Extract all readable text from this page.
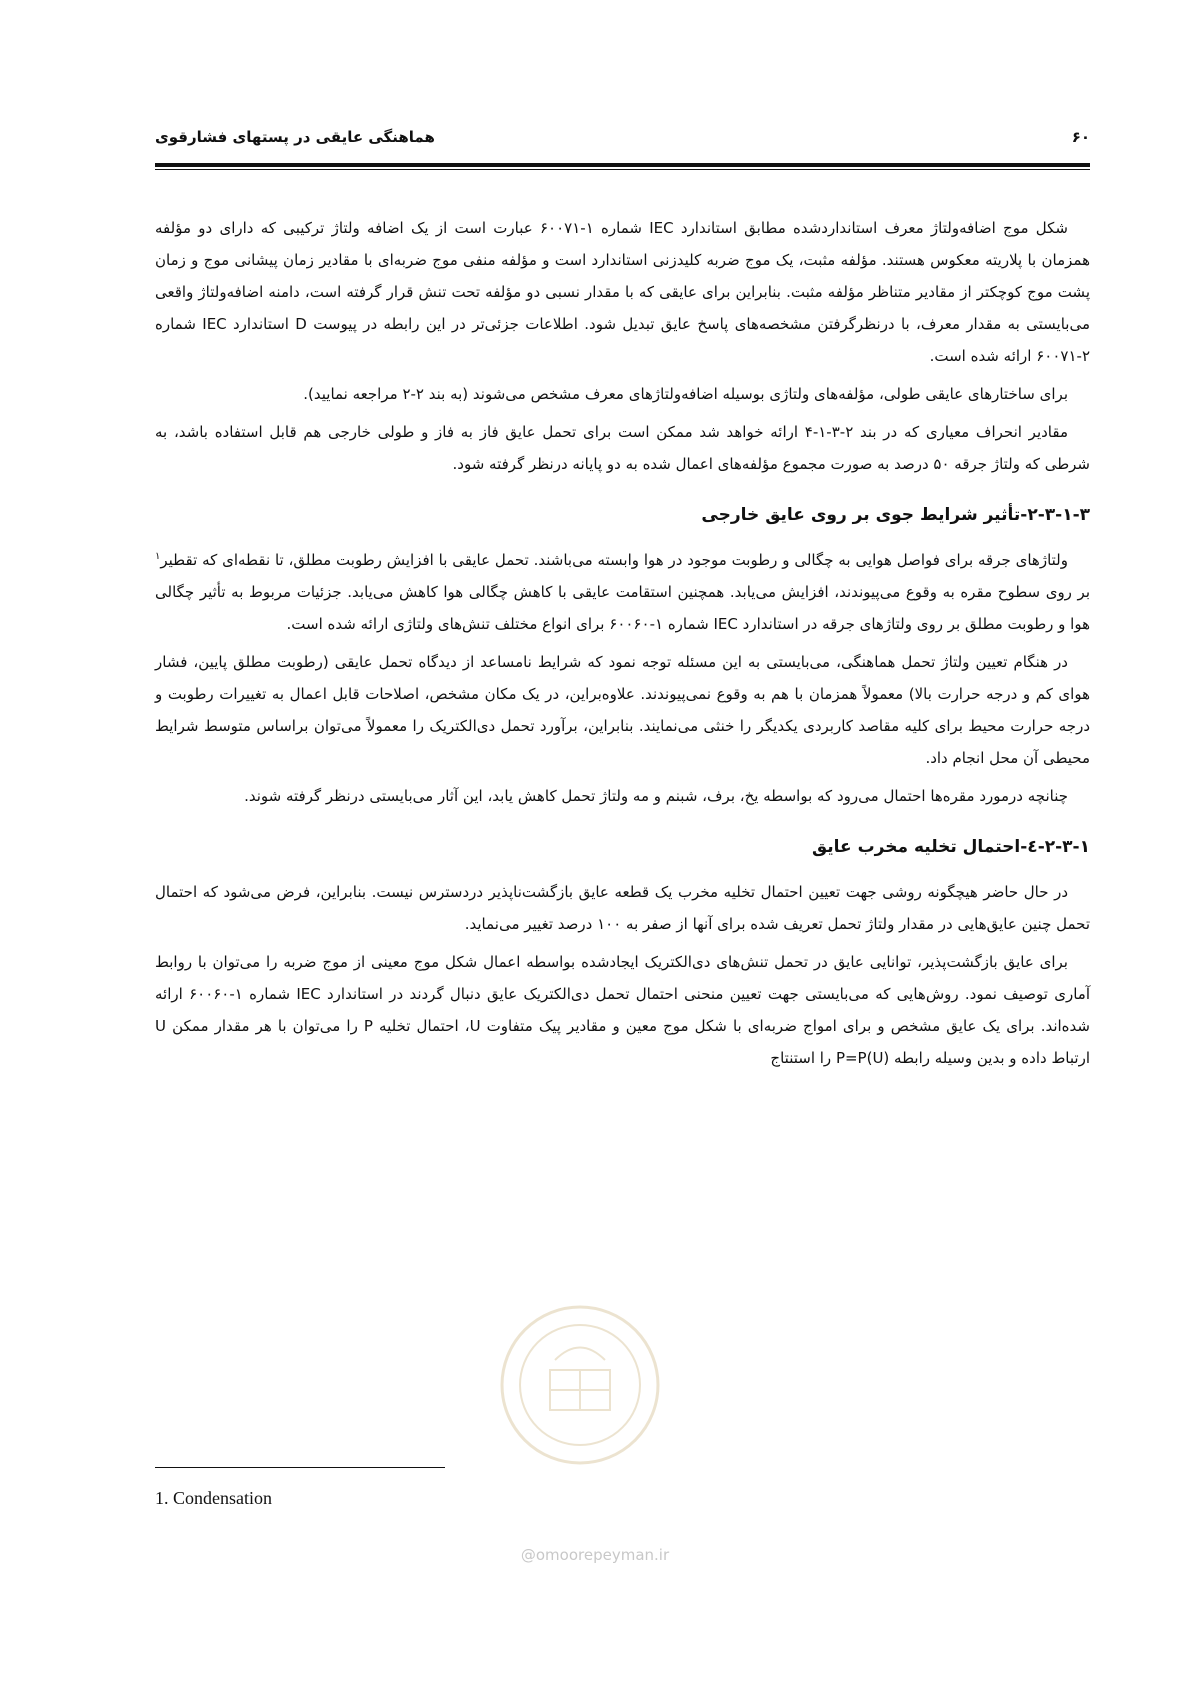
۶۰
هماهنگی عایقی در پستهای فشارقوی

شکل موج اضافه‌ولتاژ معرف استانداردشده مطابق استاندارد IEC شماره ۱-۶۰۰۷۱ عبارت است از یک اضافه ولتاژ ترکیبی که دارای دو مؤلفه همزمان با پلاریته معکوس هستند. مؤلفه مثبت، یک موج ضربه کلیدزنی استاندارد است و مؤلفه منفی موج ضربه‌ای با مقادیر زمان پیشانی موج و زمان پشت موج کوچکتر از مقادیر متناظر مؤلفه مثبت. بنابراین برای عایقی که با مقدار نسبی دو مؤلفه تحت تنش قرار گرفته است، دامنه اضافه‌ولتاژ واقعی می‌بایستی به مقدار معرف، با درنظرگرفتن مشخصه‌های پاسخ عایق تبدیل شود. اطلاعات جزئی‌تر در این رابطه در پیوست D استاندارد IEC شماره ۲-۶۰۰۷۱ ارائه شده است.

برای ساختارهای عایقی طولی، مؤلفه‌های ولتاژی بوسیله اضافه‌ولتاژهای معرف مشخص می‌شوند (به بند ۲-۲ مراجعه نمایید).

مقادیر انحراف معیاری که در بند ۲-۳-۱-۴ ارائه خواهد شد ممکن است برای تحمل عایق فاز به فاز و طولی خارجی هم قابل استفاده باشد، به شرطی که ولتاژ جرقه ۵۰ درصد به صورت مجموع مؤلفه‌های اعمال شده به دو پایانه درنظر گرفته شود.

۲-۳-۱-۳-تأثیر شرایط جوی بر روی عایق خارجی

ولتاژهای جرقه برای فواصل هوایی به چگالی و رطوبت موجود در هوا وابسته می‌باشند. تحمل عایقی با افزایش رطوبت مطلق، تا نقطه‌ای که تقطیر$^۱$ بر روی سطوح مقره به وقوع می‌پیوندند، افزایش می‌یابد. همچنین استقامت عایقی با کاهش چگالی هوا کاهش می‌یابد. جزئیات مربوط به تأثیر چگالی هوا و رطوبت مطلق بر روی ولتاژهای جرقه در استاندارد IEC شماره ۱-۶۰۰۶۰ برای انواع مختلف تنش‌های ولتاژی ارائه شده است.

در هنگام تعیین ولتاژ تحمل هماهنگی، می‌بایستی به این مسئله توجه نمود که شرایط نامساعد از دیدگاه تحمل عایقی (رطوبت مطلق پایین، فشار هوای کم و درجه حرارت بالا) معمولاً همزمان با هم به وقوع نمی‌پیوندند. علاوه‌براین، در یک مکان مشخص، اصلاحات قابل اعمال به تغییرات رطوبت و درجه حرارت محیط برای کلیه مقاصد کاربردی یکدیگر را خنثی می‌نمایند. بنابراین، برآورد تحمل دی‌الکتریک را معمولاً می‌توان براساس متوسط شرایط محیطی آن محل انجام داد.

چنانچه درمورد مقره‌ها احتمال می‌رود که بواسطه یخ، برف، شبنم و مه ولتاژ تحمل کاهش یابد، این آثار می‌بایستی درنظر گرفته شوند.

۲-۳-۱-٤-احتمال تخلیه مخرب عایق

در حال حاضر هیچگونه روشی جهت تعیین احتمال تخلیه مخرب یک قطعه عایق بازگشت‌ناپذیر دردسترس نیست. بنابراین، فرض می‌شود که احتمال تحمل چنین عایق‌هایی در مقدار ولتاژ تحمل تعریف شده برای آنها از صفر به ۱۰۰ درصد تغییر می‌نماید.

برای عایق بازگشت‌پذیر، توانایی عایق در تحمل تنش‌های دی‌الکتریک ایجادشده بواسطه اعمال شکل موج معینی از موج ضربه را می‌توان با روابط آماری توصیف نمود. روش‌هایی که می‌بایستی جهت تعیین منحنی احتمال تحمل دی‌الکتریک عایق دنبال گردند در استاندارد IEC شماره ۱-۶۰۰۶۰ ارائه شده‌اند. برای یک عایق مشخص و برای امواج ضربه‌ای با شکل موج معین و مقادیر پیک متفاوت U، احتمال تخلیه P را می‌توان با هر مقدار ممکن U ارتباط داده و بدین وسیله رابطه P=P(U) را استنتاج

1. Condensation
@omoorepeyman.ir
